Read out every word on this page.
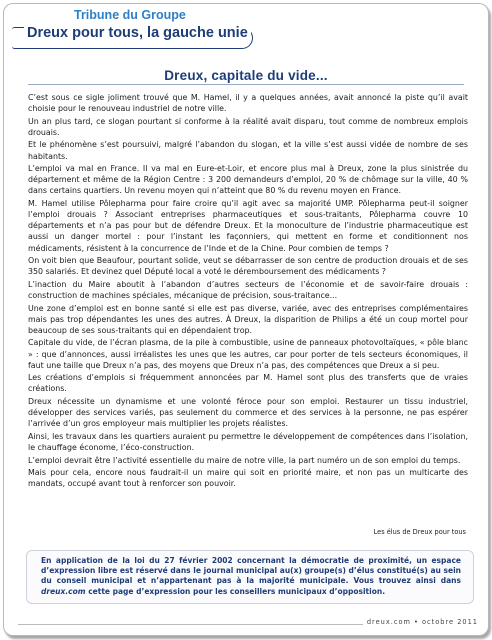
Tribune du Groupe
Dreux pour tous, la gauche unie
Dreux, capitale du vide...

C’est sous ce sigle joliment trouvé que M. Hamel, il y a quelques années, avait annoncé la piste qu’il avait choisie pour le renouveau industriel de notre ville.

Un an plus tard, ce slogan pourtant si conforme à la réalité avait disparu, tout comme de nombreux emplois drouais.

Et le phénomène s’est poursuivi, malgré l’abandon du slogan, et la ville s’est aussi vidée de nombre de ses habitants.

L’emploi va mal en France. Il va mal en Eure-et-Loir, et encore plus mal à Dreux, zone la plus sinistrée du département et même de la Région Centre : 3 200 demandeurs d’emploi, 20 % de chômage sur la ville, 40 % dans certains quartiers. Un revenu moyen qui n’atteint que 80 % du revenu moyen en France.

M. Hamel utilise Pôlepharma pour faire croire qu’il agit avec sa majorité UMP. Pôlepharma peut-il soigner l’emploi drouais ? Associant entreprises pharmaceutiques et sous-traitants, Pôlepharma couvre 10 départements et n’a pas pour but de défendre Dreux. Et la monoculture de l’industrie pharmaceutique est aussi un danger mortel : pour l’instant les façonniers, qui mettent en forme et conditionnent nos médicaments, résistent à la concurrence de l’Inde et de la Chine. Pour combien de temps ?

On voit bien que Beaufour, pourtant solide, veut se débarrasser de son centre de production drouais et de ses 350 salariés. Et devinez quel Député local a voté le déremboursement des médicaments ?

L’inaction du Maire aboutit à l’abandon d’autres secteurs de l’économie et de savoir-faire drouais : construction de machines spéciales, mécanique de précision, sous-traitance...

Une zone d’emploi est en bonne santé si elle est pas diverse, variée, avec des entreprises complémentaires mais pas trop dépendantes les unes des autres. À Dreux, la disparition de Philips a été un coup mortel pour beaucoup de ses sous-traitants qui en dépendaient trop.

Capitale du vide, de l’écran plasma, de la pile à combustible, usine de panneaux photovoltaïques, « pôle blanc » : que d’annonces, aussi irréalistes les unes que les autres, car pour porter de tels secteurs économiques, il faut une taille que Dreux n’a pas, des moyens que Dreux n’a pas, des compétences que Dreux a si peu.

Les créations d’emplois si fréquemment annoncées par M. Hamel sont plus des transferts que de vraies créations.

Dreux nécessite un dynamisme et une volonté féroce pour son emploi. Restaurer un tissu industriel, développer des services variés, pas seulement du commerce et des services à la personne, ne pas espérer l’arrivée d’un gros employeur mais multiplier les projets réalistes.

Ainsi, les travaux dans les quartiers auraient pu permettre le développement de compétences dans l’isolation, le chauffage économe, l’éco-construction.

L’emploi devrait être l’activité essentielle du maire de notre ville, la part numéro un de son emploi du temps.

Mais pour cela, encore nous faudrait-il un maire qui soit en priorité maire, et non pas un multicarte des mandats, occupé avant tout à renforcer son pouvoir.

Les élus de Dreux pour tous
En application de la loi du 27 février 2002 concernant la démocratie de proximité, un espace d’expression libre est réservé dans le journal municipal au(x) groupe(s) d’élus constitué(s) au sein du conseil municipal et n’appartenant pas à la majorité municipale. Vous trouvez ainsi dans dreux.com cette page d’expression pour les conseillers municipaux d’opposition.
dreux.com • octobre 2011
